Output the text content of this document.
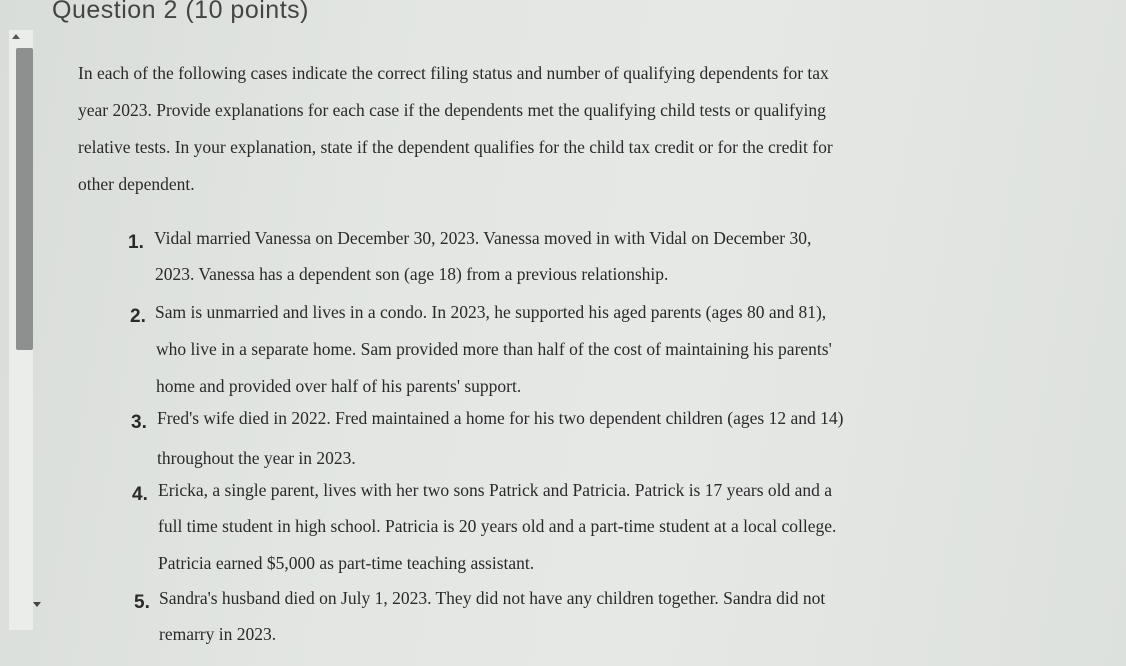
Question 2 (10 points)
In each of the following cases indicate the correct filing status and number of qualifying dependents for tax
year 2023. Provide explanations for each case if the dependents met the qualifying child tests or qualifying
relative tests. In your explanation, state if the dependent qualifies for the child tax credit or for the credit for
other dependent.
1. Vidal married Vanessa on December 30, 2023. Vanessa moved in with Vidal on December 30,
2023. Vanessa has a dependent son (age 18) from a previous relationship.
2. Sam is unmarried and lives in a condo. In 2023, he supported his aged parents (ages 80 and 81),
who live in a separate home. Sam provided more than half of the cost of maintaining his parents'
home and provided over half of his parents' support.
3. Fred's wife died in 2022. Fred maintained a home for his two dependent children (ages 12 and 14)
throughout the year in 2023.
4. Ericka, a single parent, lives with her two sons Patrick and Patricia. Patrick is 17 years old and a
full time student in high school. Patricia is 20 years old and a part-time student at a local college.
Patricia earned $5,000 as part-time teaching assistant.
5. Sandra's husband died on July 1, 2023. They did not have any children together. Sandra did not
remarry in 2023.
